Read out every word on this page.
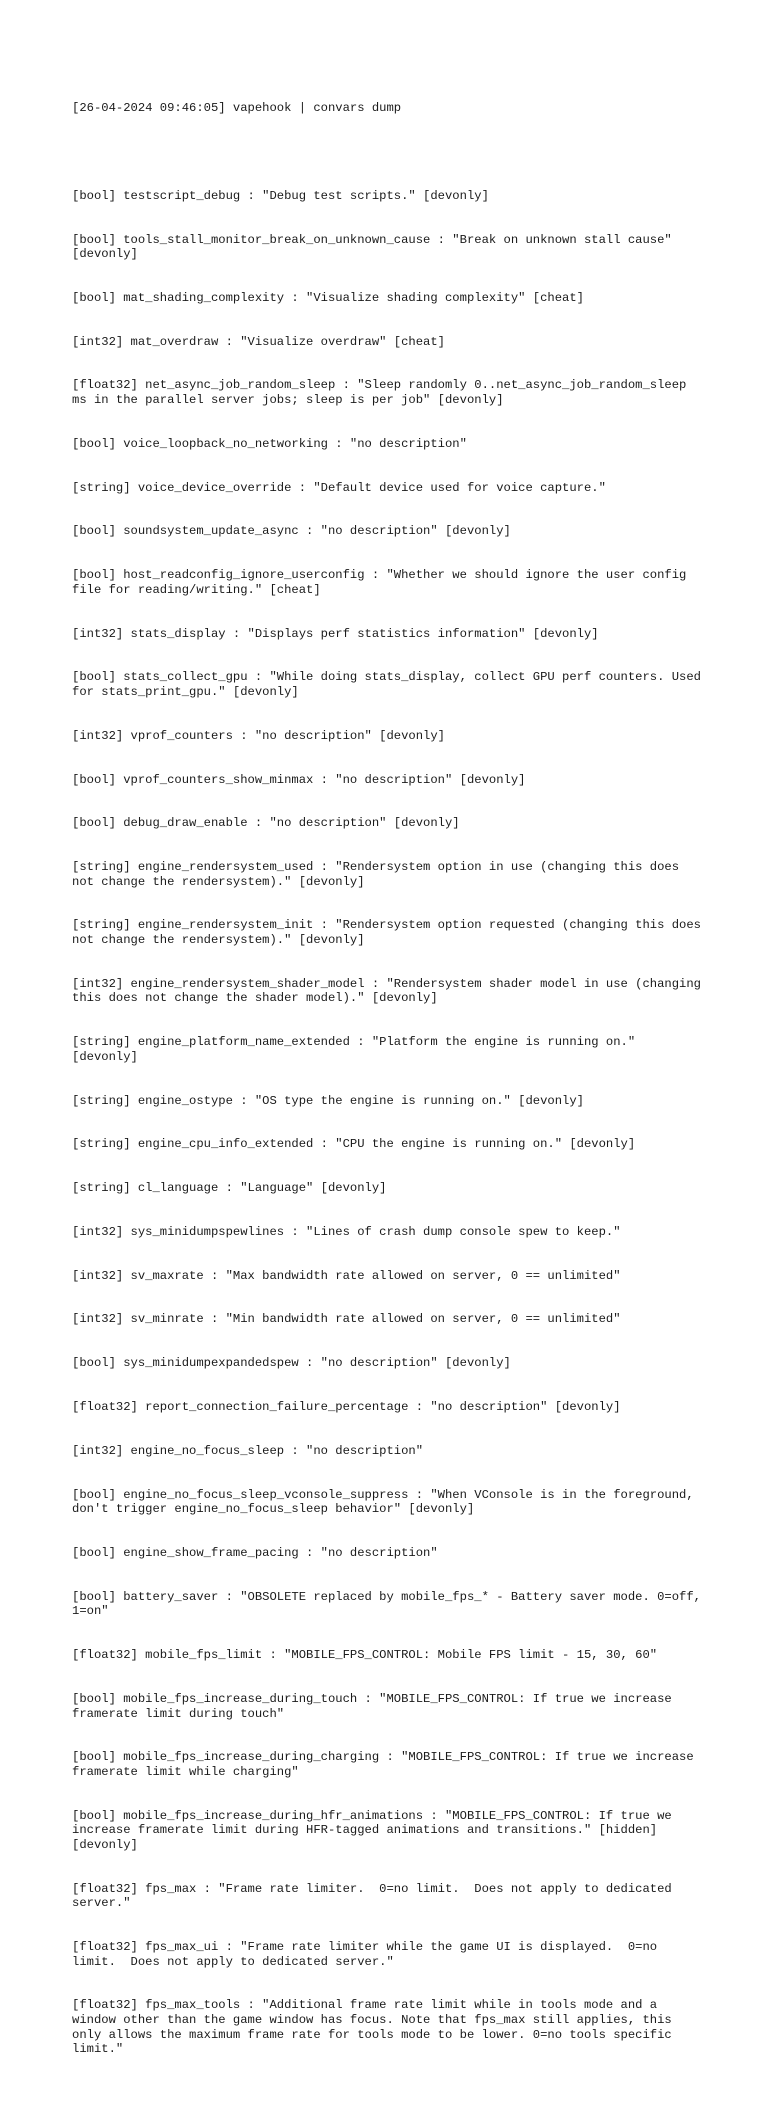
[26-04-2024 09:46:05] vapehook | convars dump

[bool] testscript_debug : "Debug test scripts." [devonly]

[bool] tools_stall_monitor_break_on_unknown_cause : "Break on unknown stall cause" [devonly]

[bool] mat_shading_complexity : "Visualize shading complexity" [cheat]

[int32] mat_overdraw : "Visualize overdraw" [cheat]

[float32] net_async_job_random_sleep : "Sleep randomly 0..net_async_job_random_sleep ms in the parallel server jobs; sleep is per job" [devonly]

[bool] voice_loopback_no_networking : "no description"

[string] voice_device_override : "Default device used for voice capture."

[bool] soundsystem_update_async : "no description" [devonly]

[bool] host_readconfig_ignore_userconfig : "Whether we should ignore the user config file for reading/writing." [cheat]

[int32] stats_display : "Displays perf statistics information" [devonly]

[bool] stats_collect_gpu : "While doing stats_display, collect GPU perf counters. Used for stats_print_gpu." [devonly]

[int32] vprof_counters : "no description" [devonly]

[bool] vprof_counters_show_minmax : "no description" [devonly]

[bool] debug_draw_enable : "no description" [devonly]

[string] engine_rendersystem_used : "Rendersystem option in use (changing this does not change the rendersystem)." [devonly]

[string] engine_rendersystem_init : "Rendersystem option requested (changing this does not change the rendersystem)." [devonly]

[int32] engine_rendersystem_shader_model : "Rendersystem shader model in use (changing this does not change the shader model)." [devonly]

[string] engine_platform_name_extended : "Platform the engine is running on." [devonly]

[string] engine_ostype : "OS type the engine is running on." [devonly]

[string] engine_cpu_info_extended : "CPU the engine is running on." [devonly]

[string] cl_language : "Language" [devonly]

[int32] sys_minidumpspewlines : "Lines of crash dump console spew to keep."

[int32] sv_maxrate : "Max bandwidth rate allowed on server, 0 == unlimited"

[int32] sv_minrate : "Min bandwidth rate allowed on server, 0 == unlimited"

[bool] sys_minidumpexpandedspew : "no description" [devonly]

[float32] report_connection_failure_percentage : "no description" [devonly]

[int32] engine_no_focus_sleep : "no description"

[bool] engine_no_focus_sleep_vconsole_suppress : "When VConsole is in the foreground, don't trigger engine_no_focus_sleep behavior" [devonly]

[bool] engine_show_frame_pacing : "no description"

[bool] battery_saver : "OBSOLETE replaced by mobile_fps_* - Battery saver mode. 0=off, 1=on"

[float32] mobile_fps_limit : "MOBILE_FPS_CONTROL: Mobile FPS limit - 15, 30, 60"

[bool] mobile_fps_increase_during_touch : "MOBILE_FPS_CONTROL: If true we increase framerate limit during touch"

[bool] mobile_fps_increase_during_charging : "MOBILE_FPS_CONTROL: If true we increase framerate limit while charging"

[bool] mobile_fps_increase_during_hfr_animations : "MOBILE_FPS_CONTROL: If true we increase framerate limit during HFR-tagged animations and transitions." [hidden] [devonly]

[float32] fps_max : "Frame rate limiter.  0=no limit.  Does not apply to dedicated server."

[float32] fps_max_ui : "Frame rate limiter while the game UI is displayed.  0=no limit.  Does not apply to dedicated server."

[float32] fps_max_tools : "Additional frame rate limit while in tools mode and a window other than the game window has focus. Note that fps_max still applies, this only allows the maximum frame rate for tools mode to be lower. 0=no tools specific limit."
